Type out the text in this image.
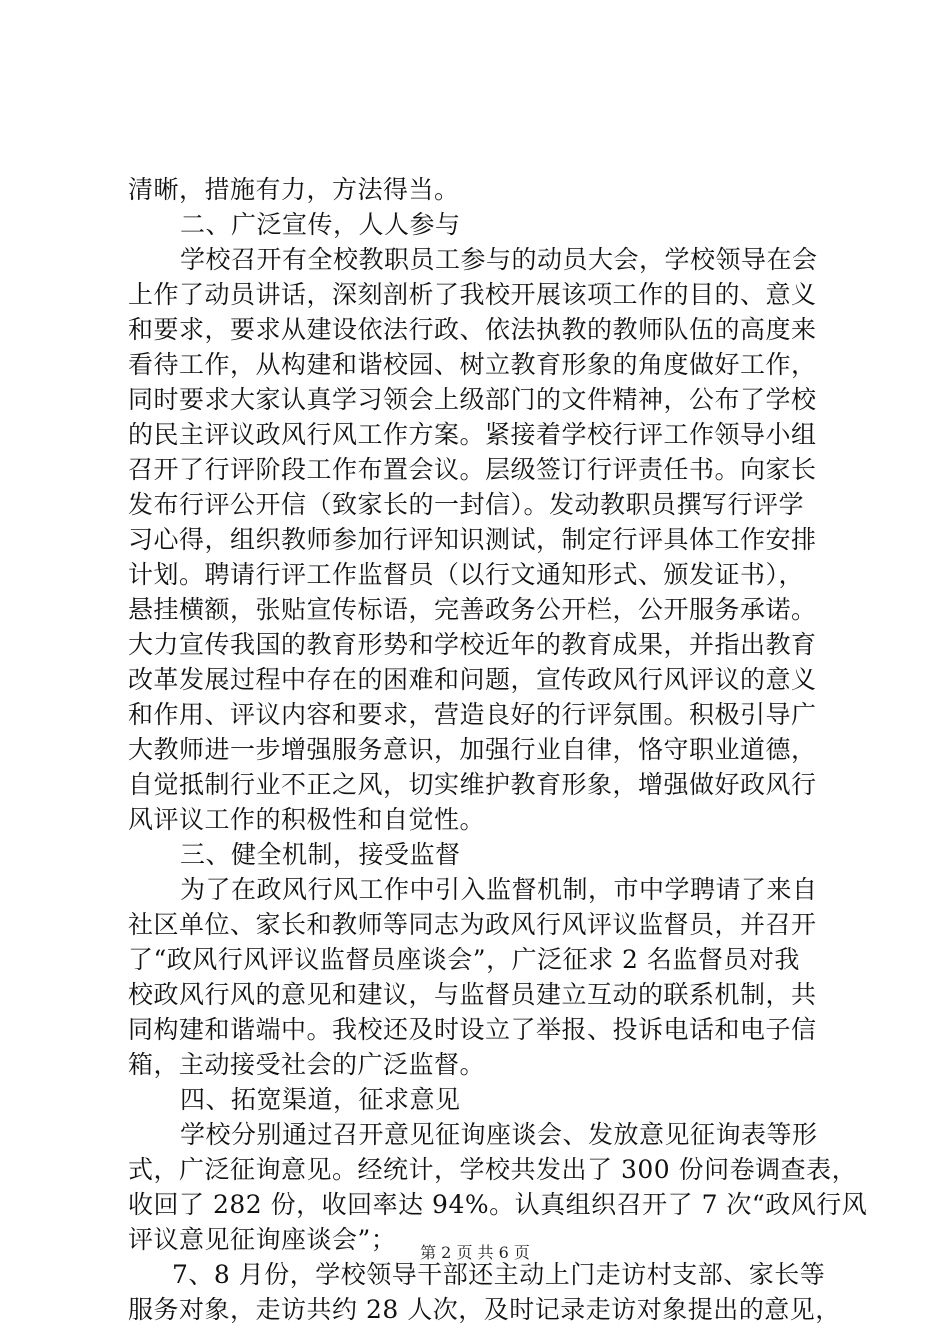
清晰，措施有力，方法得当。
二、广泛宣传，人人参与
学校召开有全校教职员工参与的动员大会，学校领导在会
上作了动员讲话，深刻剖析了我校开展该项工作的目的、意义
和要求，要求从建设依法行政、依法执教的教师队伍的高度来
看待工作，从构建和谐校园、树立教育形象的角度做好工作，
同时要求大家认真学习领会上级部门的文件精神，公布了学校
的民主评议政风行风工作方案。紧接着学校行评工作领导小组
召开了行评阶段工作布置会议。层级签订行评责任书。向家长
发布行评公开信（致家长的一封信）。发动教职员撰写行评学
习心得，组织教师参加行评知识测试，制定行评具体工作安排
计划。聘请行评工作监督员（以行文通知形式、颁发证书），
悬挂横额，张贴宣传标语，完善政务公开栏，公开服务承诺。
大力宣传我国的教育形势和学校近年的教育成果，并指出教育
改革发展过程中存在的困难和问题，宣传政风行风评议的意义
和作用、评议内容和要求，营造良好的行评氛围。积极引导广
大教师进一步增强服务意识，加强行业自律，恪守职业道德，
自觉抵制行业不正之风，切实维护教育形象，增强做好政风行
风评议工作的积极性和自觉性。
三、健全机制，接受监督
为了在政风行风工作中引入监督机制，市中学聘请了来自
社区单位、家长和教师等同志为政风行风评议监督员，并召开
了“政风行风评议监督员座谈会”，广泛征求 2 名监督员对我
校政风行风的意见和建议，与监督员建立互动的联系机制，共
同构建和谐端中。我校还及时设立了举报、投诉电话和电子信
箱，主动接受社会的广泛监督。
四、拓宽渠道，征求意见
学校分别通过召开意见征询座谈会、发放意见征询表等形
式，广泛征询意见。经统计，学校共发出了 300 份问卷调查表，
收回了 282 份，收回率达 94%。认真组织召开了 7 次“政风行风
评议意见征询座谈会”；
7、8 月份，学校领导干部还主动上门走访村支部、家长等
服务对象，走访共约 28 人次，及时记录走访对象提出的意见，
第 2 页 共 6 页
